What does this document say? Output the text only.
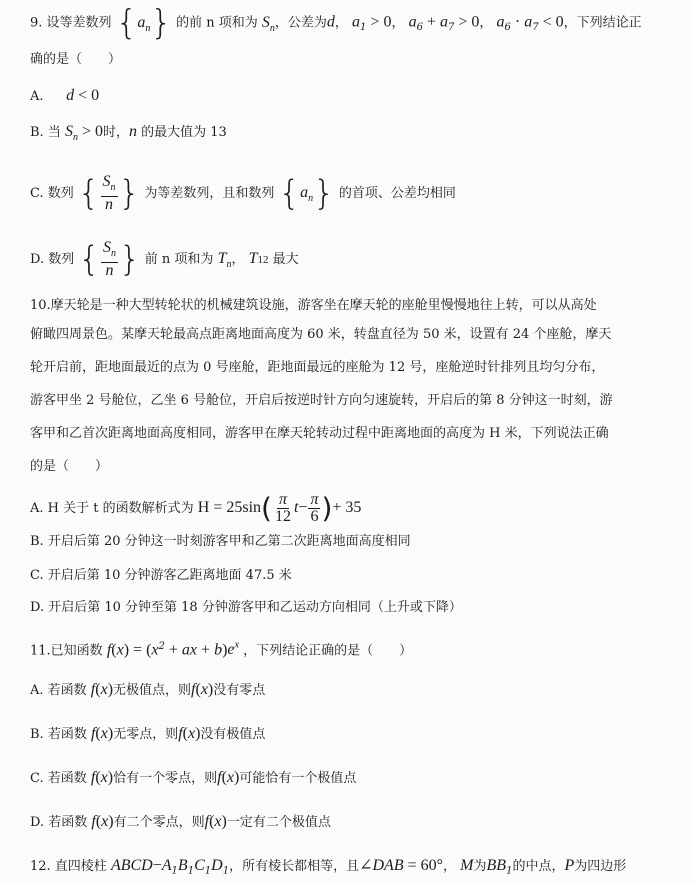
9. 设等差数列 $\{a_n\}$ 的前 n 项和为 $S_n$，公差为d， $a_1 > 0$， $a_6 + a_7 > 0$， $a_6 \cdot a_7 < 0$，下列结论正
确的是（　　）
A. d < 0
B. 当 $S_n > 0$时，n 的最大值为 13
C. 数列 { $\frac{S_n}{n}$ } 为等差数列，且和数列 $\{a_n\}$ 的首项、公差均相同
D. 数列 { $\frac{S_n}{n}$ } 前 n 项和为 $T_n$， T12 最大
10.摩天轮是一种大型转轮状的机械建筑设施，游客坐在摩天轮的座舱里慢慢地往上转，可以从高处
俯瞰四周景色。某摩天轮最高点距离地面高度为 60 米，转盘直径为 50 米，设置有 24 个座舱，摩天
轮开启前，距地面最近的点为 0 号座舱，距地面最远的座舱为 12 号，座舱逆时针排列且均匀分布，
游客甲坐 2 号舱位，乙坐 6 号舱位，开启后按逆时针方向匀速旋转，开启后的第 8 分钟这一时刻，游
客甲和乙首次距离地面高度相同，游客甲在摩天轮转动过程中距离地面的高度为 H 米，下列说法正确
的是（　　）
A. H 关于 t 的函数解析式为 $H = 25\sin( \frac{\pi}{12} t- \frac{\pi}{6}$ )+ 35
B. 开启后第 20 分钟这一时刻游客甲和乙第二次距离地面高度相同
C. 开启后第 10 分钟游客乙距离地面 47.5 米
D. 开启后第 10 分钟至第 18 分钟游客甲和乙运动方向相同（上升或下降）
11.已知函数 $f(x) = (x^2$ + ax + $b)e^x$ ，下列结论正确的是（　　）
A. 若函数 f(x)无极值点，则f(x)没有零点
B. 若函数 f(x)无零点，则f(x)没有极值点
C. 若函数 f(x)恰有一个零点，则f(x)可能恰有一个极值点
D. 若函数 f(x)有二个零点，则f(x)一定有二个极值点
12. 直四棱柱 $ABCD-A_1B_1C_1D_1$，所有棱长都相等，且∠DAB = 60°， M为$BB_1$的中点，P为四边形
